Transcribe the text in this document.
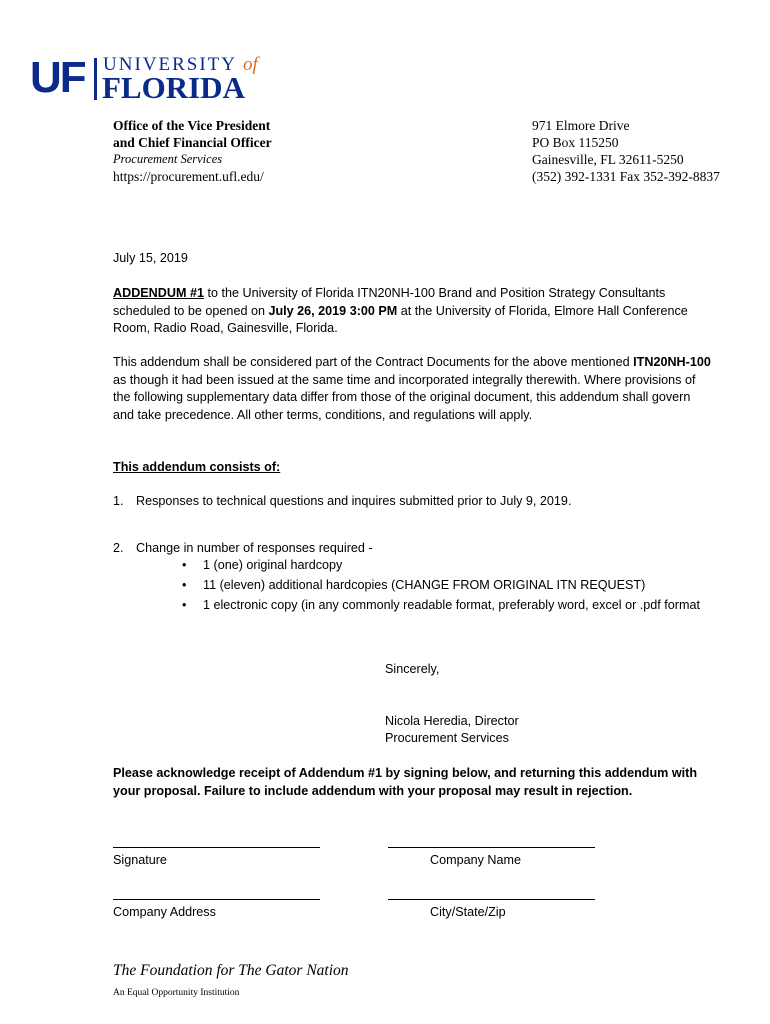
UF UNIVERSITY of
FLORIDA
Office of the Vice President
and Chief Financial Officer
Procurement Services
https://procurement.ufl.edu/
971 Elmore Drive
PO Box 115250
Gainesville, FL 32611-5250
(352) 392-1331 Fax 352-392-8837
July 15, 2019
ADDENDUM #1 to the University of Florida ITN20NH-100 Brand and Position Strategy Consultants scheduled to be opened on July 26, 2019 3:00 PM at the University of Florida, Elmore Hall Conference Room, Radio Road, Gainesville, Florida.
This addendum shall be considered part of the Contract Documents for the above mentioned ITN20NH-100 as though it had been issued at the same time and incorporated integrally therewith. Where provisions of the following supplementary data differ from those of the original document, this addendum shall govern and take precedence. All other terms, conditions, and regulations will apply.
This addendum consists of:
1. Responses to technical questions and inquires submitted prior to July 9, 2019.
2. Change in number of responses required -
• 1 (one) original hardcopy
• 11 (eleven) additional hardcopies (CHANGE FROM ORIGINAL ITN REQUEST)
• 1 electronic copy (in any commonly readable format, preferably word, excel or .pdf format
Sincerely,
Nicola Heredia, Director
Procurement Services
Please acknowledge receipt of Addendum #1 by signing below, and returning this addendum with your proposal. Failure to include addendum with your proposal may result in rejection.
Signature	Company Name
Company Address	City/State/Zip
The Foundation for The Gator Nation
An Equal Opportunity Institution
